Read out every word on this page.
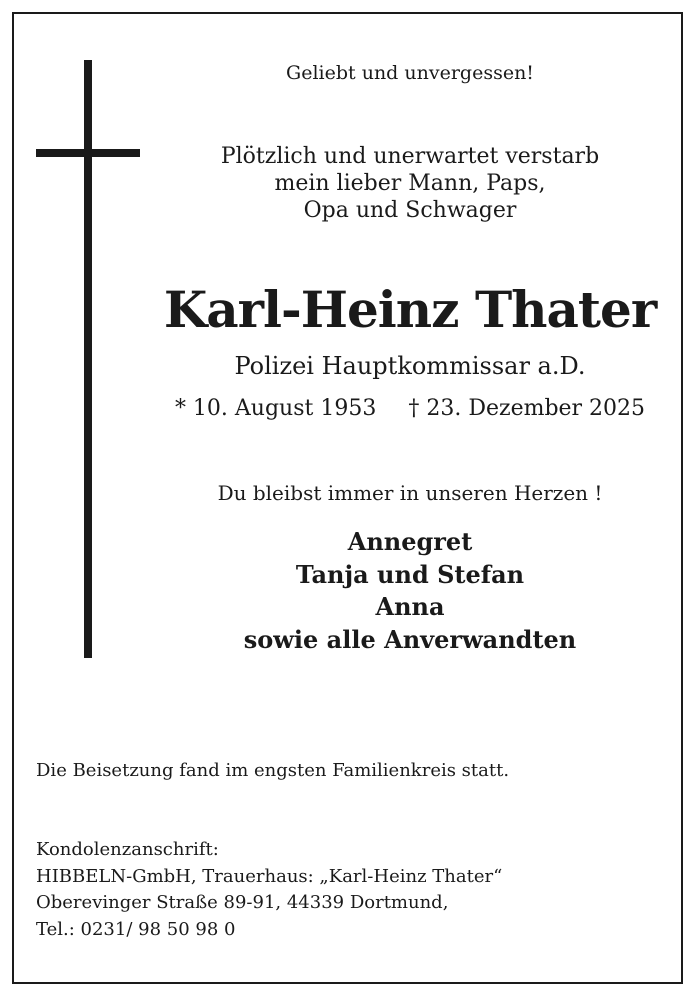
Geliebt und unvergessen!
Plötzlich und unerwartet verstarb
mein lieber Mann, Paps,
Opa und Schwager
Karl-Heinz Thater
Polizei Hauptkommissar a.D.
* 10. August 1953 † 23. Dezember 2025
Du bleibst immer in unseren Herzen !
Annegret
Tanja und Stefan
Anna
sowie alle Anverwandten
Die Beisetzung fand im engsten Familienkreis statt.
Kondolenzanschrift:
HIBBELN-GmbH, Trauerhaus: „Karl-Heinz Thater“
Oberevinger Straße 89-91, 44339 Dortmund,
Tel.: 0231/ 98 50 98 0
